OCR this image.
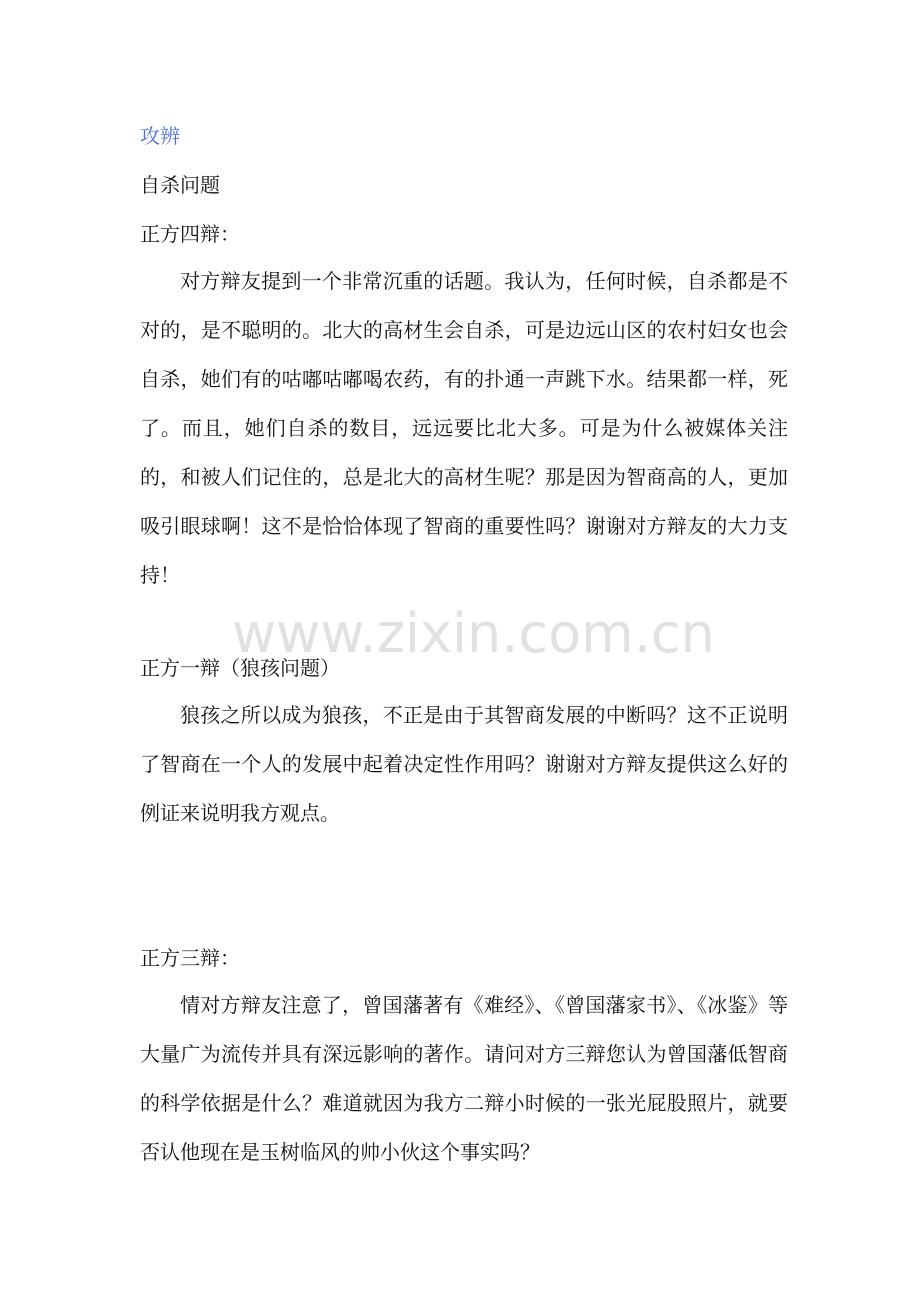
攻辨

自杀问题

正方四辩：

对方辩友提到一个非常沉重的话题。我认为，任何时候，自杀都是不对的，是不聪明的。北大的高材生会自杀，可是边远山区的农村妇女也会自杀，她们有的咕嘟咕嘟喝农药，有的扑通一声跳下水。结果都一样，死了。而且，她们自杀的数目，远远要比北大多。可是为什么被媒体关注的，和被人们记住的，总是北大的高材生呢？那是因为智商高的人，更加吸引眼球啊！这不是恰恰体现了智商的重要性吗？谢谢对方辩友的大力支持！

www.zixin.com.cn

正方一辩（狼孩问题）

狼孩之所以成为狼孩，不正是由于其智商发展的中断吗？这不正说明了智商在一个人的发展中起着决定性作用吗？谢谢对方辩友提供这么好的例证来说明我方观点。

正方三辩：

情对方辩友注意了，曾国藩著有《难经》、《曾国藩家书》、《冰鉴》等大量广为流传并具有深远影响的著作。请问对方三辩您认为曾国藩低智商的科学依据是什么？难道就因为我方二辩小时候的一张光屁股照片，就要否认他现在是玉树临风的帅小伙这个事实吗？
